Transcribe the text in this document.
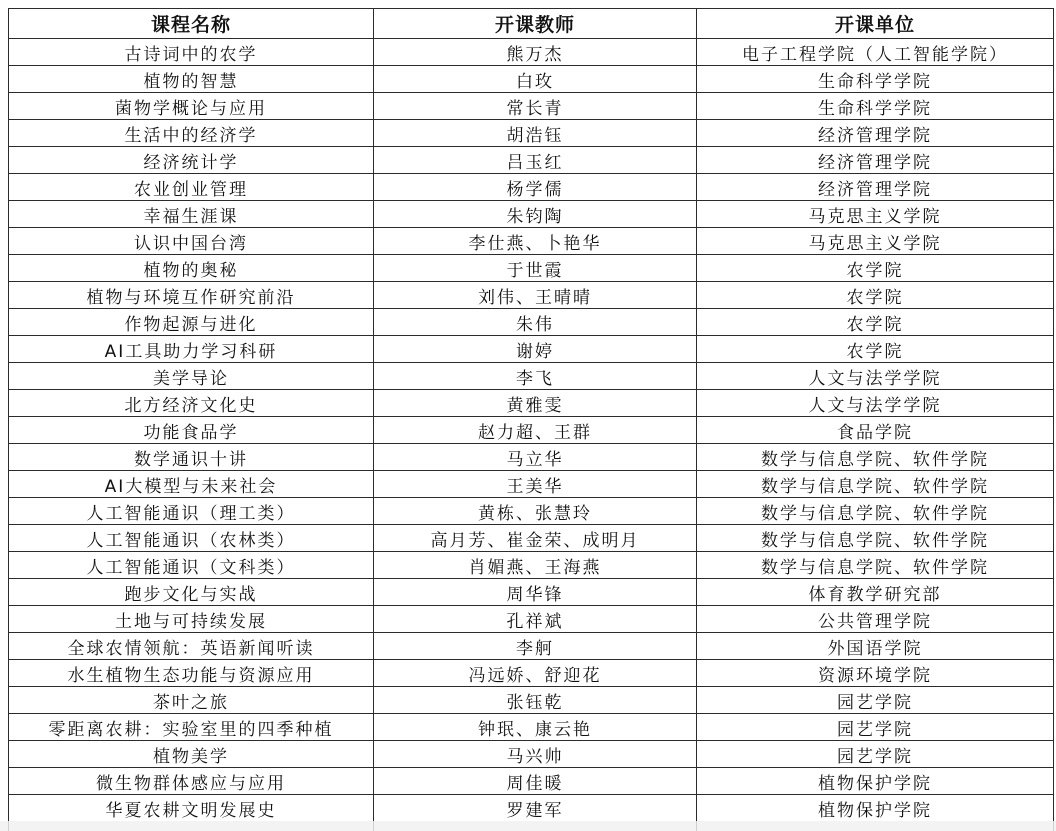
课程名称	开课教师	开课单位
古诗词中的农学	熊万杰	电子工程学院（人工智能学院）
植物的智慧	白玫	生命科学学院
菌物学概论与应用	常长青	生命科学学院
生活中的经济学	胡浩钰	经济管理学院
经济统计学	吕玉红	经济管理学院
农业创业管理	杨学儒	经济管理学院
幸福生涯课	朱钧陶	马克思主义学院
认识中国台湾	李仕燕、卜艳华	马克思主义学院
植物的奥秘	于世霞	农学院
植物与环境互作研究前沿	刘伟、王晴晴	农学院
作物起源与进化	朱伟	农学院
AI工具助力学习科研	谢婷	农学院
美学导论	李飞	人文与法学学院
北方经济文化史	黄雅雯	人文与法学学院
功能食品学	赵力超、王群	食品学院
数学通识十讲	马立华	数学与信息学院、软件学院
AI大模型与未来社会	王美华	数学与信息学院、软件学院
人工智能通识（理工类）	黄栋、张慧玲	数学与信息学院、软件学院
人工智能通识（农林类）	高月芳、崔金荣、成明月	数学与信息学院、软件学院
人工智能通识（文科类）	肖媚燕、王海燕	数学与信息学院、软件学院
跑步文化与实战	周华锋	体育教学研究部
土地与可持续发展	孔祥斌	公共管理学院
全球农情领航：英语新闻听读	李舸	外国语学院
水生植物生态功能与资源应用	冯远娇、舒迎花	资源环境学院
茶叶之旅	张钰乾	园艺学院
零距离农耕：实验室里的四季种植	钟珉、康云艳	园艺学院
植物美学	马兴帅	园艺学院
微生物群体感应与应用	周佳暖	植物保护学院
华夏农耕文明发展史	罗建军	植物保护学院
